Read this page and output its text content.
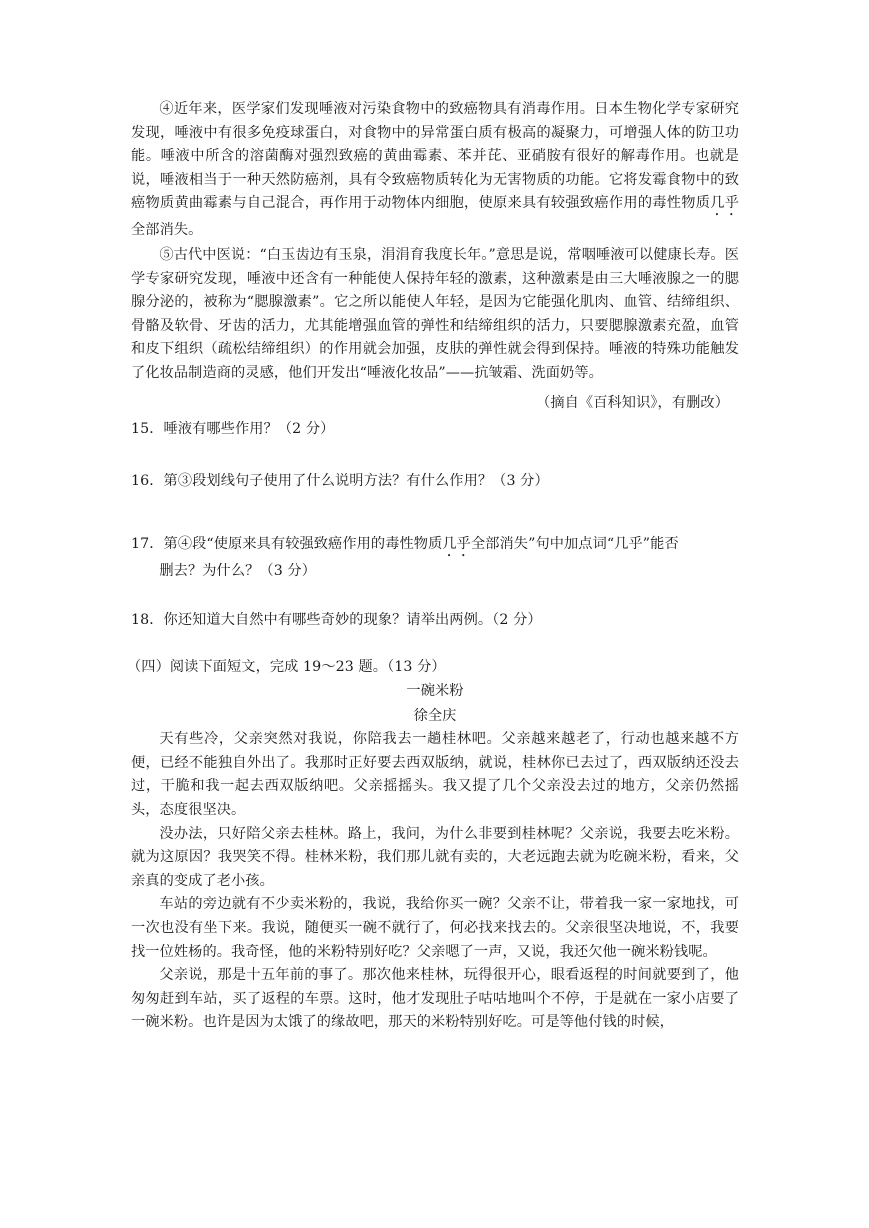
④近年来，医学家们发现唾液对污染食物中的致癌物具有消毒作用。日本生物化学专家研究发现，唾液中有很多免疫球蛋白，对食物中的异常蛋白质有极高的凝聚力，可增强人体的防卫功能。唾液中所含的溶菌酶对强烈致癌的黄曲霉素、苯并芘、亚硝胺有很好的解毒作用。也就是说，唾液相当于一种天然防癌剂，具有令致癌物质转化为无害物质的功能。它将发霉食物中的致癌物质黄曲霉素与自己混合，再作用于动物体内细胞，使原来具有较强致癌作用的毒性物质几乎全部消失。

⑤古代中医说：“白玉齿边有玉泉，涓涓育我度长年。”意思是说，常咽唾液可以健康长寿。医学专家研究发现，唾液中还含有一种能使人保持年轻的激素，这种激素是由三大唾液腺之一的腮腺分泌的，被称为“腮腺激素”。它之所以能使人年轻，是因为它能强化肌肉、血管、结缔组织、骨骼及软骨、牙齿的活力，尤其能增强血管的弹性和结缔组织的活力，只要腮腺激素充盈，血管和皮下组织（疏松结缔组织）的作用就会加强，皮肤的弹性就会得到保持。唾液的特殊功能触发了化妆品制造商的灵感，他们开发出“唾液化妆品”——抗皱霜、洗面奶等。

（摘自《百科知识》，有删改）

15．唾液有哪些作用？（2 分）

16．第③段划线句子使用了什么说明方法？有什么作用？（3 分）

17．第④段“使原来具有较强致癌作用的毒性物质几乎全部消失”句中加点词“几乎”能否
删去？为什么？（3 分）

18．你还知道大自然中有哪些奇妙的现象？请举出两例。（2 分）

（四）阅读下面短文，完成 19～23 题。（13 分）

一碗米粉

徐全庆

天有些冷，父亲突然对我说，你陪我去一趟桂林吧。父亲越来越老了，行动也越来越不方便，已经不能独自外出了。我那时正好要去西双版纳，就说，桂林你已去过了，西双版纳还没去过，干脆和我一起去西双版纳吧。父亲摇摇头。我又提了几个父亲没去过的地方，父亲仍然摇头，态度很坚决。

没办法，只好陪父亲去桂林。路上，我问，为什么非要到桂林呢？父亲说，我要去吃米粉。就为这原因？我哭笑不得。桂林米粉，我们那儿就有卖的，大老远跑去就为吃碗米粉，看来，父亲真的变成了老小孩。

车站的旁边就有不少卖米粉的，我说，我给你买一碗？父亲不让，带着我一家一家地找，可一次也没有坐下来。我说，随便买一碗不就行了，何必找来找去的。父亲很坚决地说，不，我要找一位姓杨的。我奇怪，他的米粉特别好吃？父亲嗯了一声，又说，我还欠他一碗米粉钱呢。

父亲说，那是十五年前的事了。那次他来桂林，玩得很开心，眼看返程的时间就要到了，他匆匆赶到车站，买了返程的车票。这时，他才发现肚子咕咕地叫个不停，于是就在一家小店要了一碗米粉。也许是因为太饿了的缘故吧，那天的米粉特别好吃。可是等他付钱的时候，
